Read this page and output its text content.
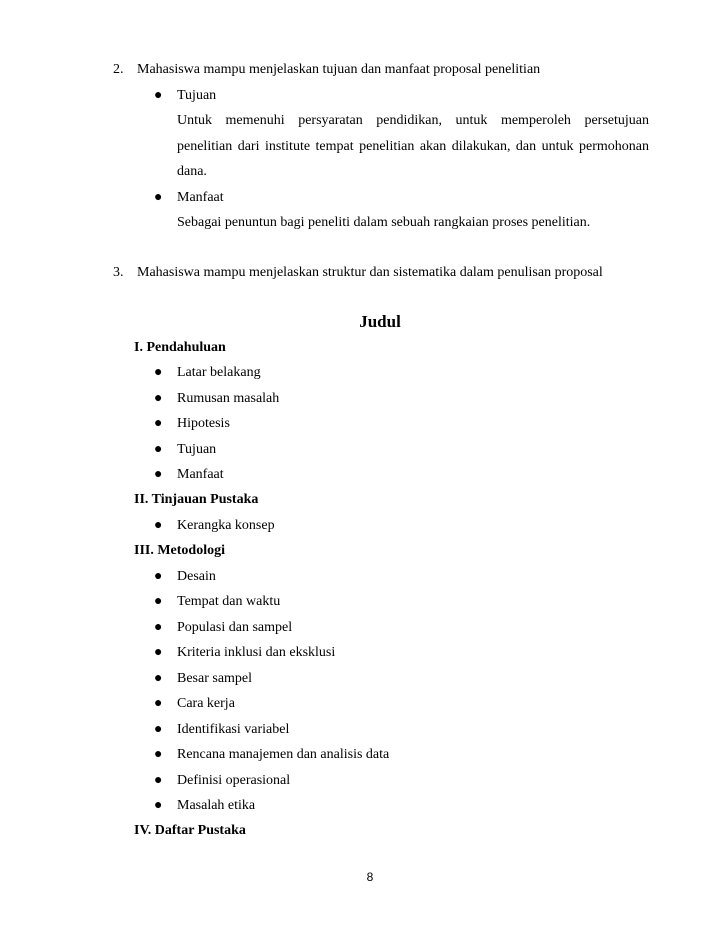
2. Mahasiswa mampu menjelaskan tujuan dan manfaat proposal penelitian
● Tujuan
Untuk memenuhi persyaratan pendidikan, untuk memperoleh persetujuan
penelitian dari institute tempat penelitian akan dilakukan, dan untuk permohonan
dana.
● Manfaat
Sebagai penuntun bagi peneliti dalam sebuah rangkaian proses penelitian.
3. Mahasiswa mampu menjelaskan struktur dan sistematika dalam penulisan proposal
Judul
I. Pendahuluan
● Latar belakang
● Rumusan masalah
● Hipotesis
● Tujuan
● Manfaat
II. Tinjauan Pustaka
● Kerangka konsep
III. Metodologi
● Desain
● Tempat dan waktu
● Populasi dan sampel
● Kriteria inklusi dan eksklusi
● Besar sampel
● Cara kerja
● Identifikasi variabel
● Rencana manajemen dan analisis data
● Definisi operasional
● Masalah etika
IV. Daftar Pustaka
8
